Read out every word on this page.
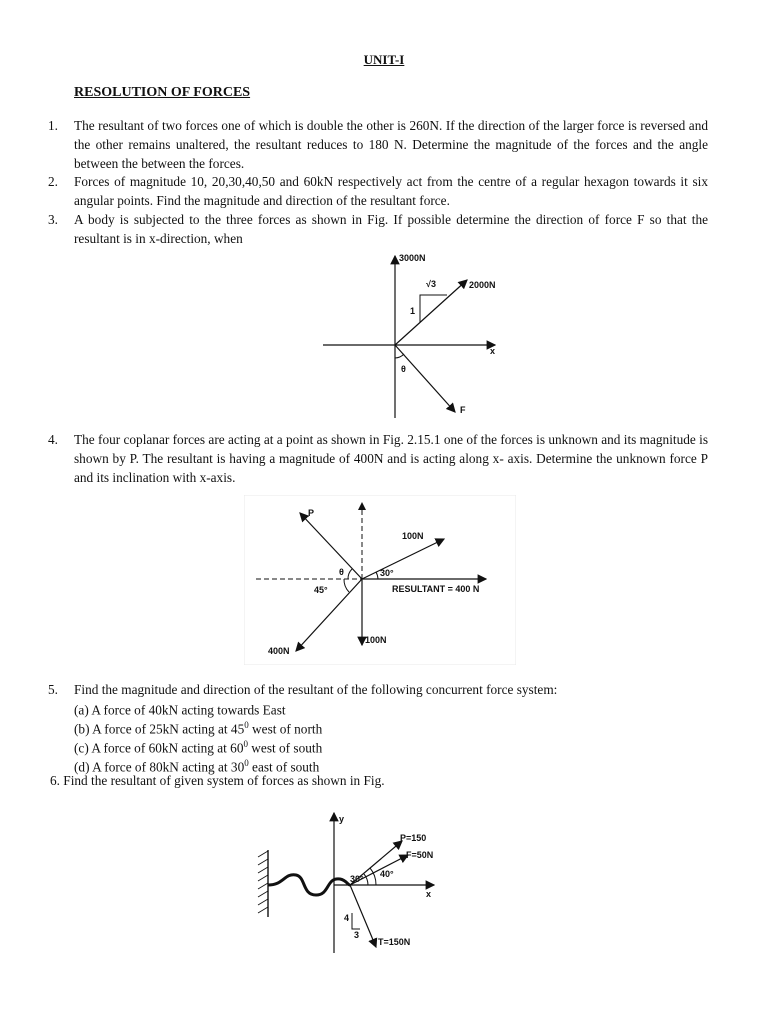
UNIT-I
RESOLUTION OF FORCES
1. The resultant of two forces one of which is double the other is 260N. If the direction of the larger force is reversed and the other remains unaltered, the resultant reduces to 180 N. Determine the magnitude of the forces and the angle between the between the forces.
2. Forces of magnitude 10, 20,30,40,50 and 60kN respectively act from the centre of a regular hexagon towards it six angular points. Find the magnitude and direction of the resultant force.
3. A body is subjected to the three forces as shown in Fig. If possible determine the direction of force F so that the resultant is in x-direction, when
3000N
2000N
√3
1
x
θ
F
4. The four coplanar forces are acting at a point as shown in Fig. 2.15.1 one of the forces is unknown and its magnitude is shown by P. The resultant is having a magnitude of 400N and is acting along x- axis. Determine the unknown force P and its inclination with x-axis.
P
100N
θ	30°
45°	RESULTANT = 400 N
400N
100N
5. Find the magnitude and direction of the resultant of the following concurrent force system:
(a) A force of 40kN acting towards East
(b) A force of 25kN acting at $45^0$ west of north
(c) A force of 60kN acting at $60^0$ west of south
(d) A force of 80kN acting at $30^0$ east of south
6. Find the resultant of given system of forces as shown in Fig.
y
x
P=150
F=50N
30° 40°
4
3
T=150N
